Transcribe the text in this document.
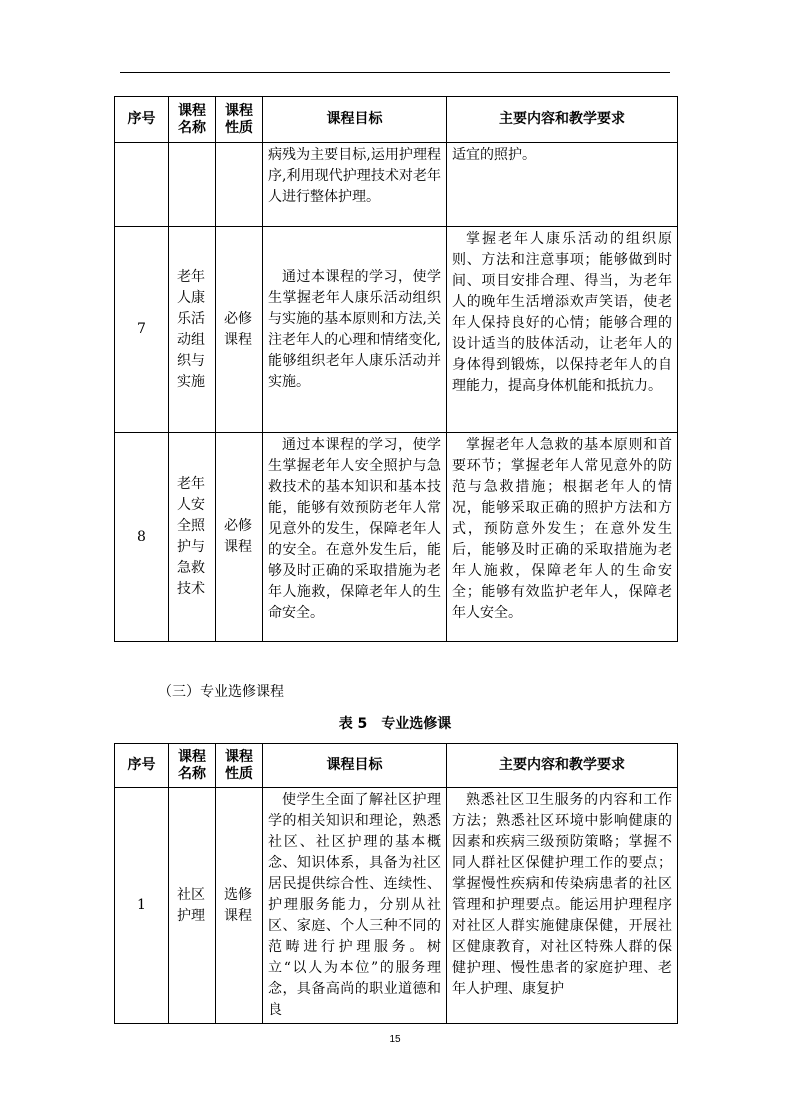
序号	课程名称	课程性质	课程目标	主要内容和教学要求

			病残为主要目标,运用护理程序,利用现代护理技术对老年人进行整体护理。	适宜的照护。

7	老年人康乐活动组织与实施	必修课程	通过本课程的学习，使学生掌握老年人康乐活动组织与实施的基本原则和方法,关注老年人的心理和情绪变化,能够组织老年人康乐活动并实施。	掌握老年人康乐活动的组织原则、方法和注意事项；能够做到时间、项目安排合理、得当，为老年人的晚年生活增添欢声笑语，使老年人保持良好的心情；能够合理的设计适当的肢体活动，让老年人的身体得到锻炼，以保持老年人的自理能力，提高身体机能和抵抗力。

8	老年人安全照护与急救技术	必修课程	通过本课程的学习，使学生掌握老年人安全照护与急救技术的基本知识和基本技能，能够有效预防老年人常见意外的发生，保障老年人的安全。在意外发生后，能够及时正确的采取措施为老年人施救，保障老年人的生命安全。	掌握老年人急救的基本原则和首要环节；掌握老年人常见意外的防范与急救措施；根据老年人的情况，能够采取正确的照护方法和方式，预防意外发生；在意外发生后，能够及时正确的采取措施为老年人施救，保障老年人的生命安全；能够有效监护老年人，保障老年人安全。
（三）专业选修课程
表 5　专业选修课
序号	课程名称	课程性质	课程目标	主要内容和教学要求
1	社区护理	选修课程	使学生全面了解社区护理学的相关知识和理论，熟悉社区、社区护理的基本概念、知识体系，具备为社区居民提供综合性、连续性、护理服务能力，分别从社区、家庭、个人三种不同的范畴进行护理服务。树立“以人为本位”的服务理念，具备高尚的职业道德和良	熟悉社区卫生服务的内容和工作方法；熟悉社区环境中影响健康的因素和疾病三级预防策略；掌握不同人群社区保健护理工作的要点；掌握慢性疾病和传染病患者的社区管理和护理要点。能运用护理程序对社区人群实施健康保健，开展社区健康教育，对社区特殊人群的保健护理、慢性患者的家庭护理、老年人护理、康复护
15
